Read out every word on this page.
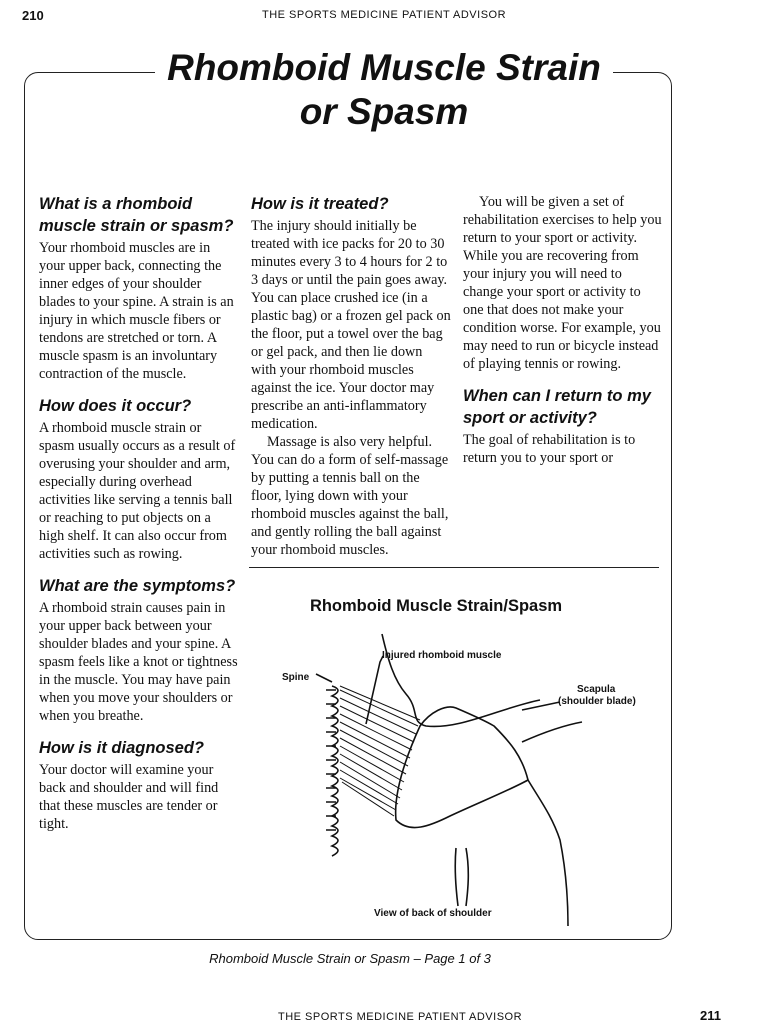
210	THE SPORTS MEDICINE PATIENT ADVISOR
Rhomboid Muscle Strain
or Spasm
What is a rhomboid muscle strain or spasm?

Your rhomboid muscles are in your upper back, connecting the inner edges of your shoulder blades to your spine. A strain is an injury in which muscle fibers or tendons are stretched or torn. A muscle spasm is an involuntary contraction of the muscle.

How does it occur?

A rhomboid muscle strain or spasm usually occurs as a result of overusing your shoulder and arm, especially during overhead activities like serving a tennis ball or reaching to put objects on a high shelf. It can also occur from activities such as rowing.

What are the symptoms?

A rhomboid strain causes pain in your upper back between your shoulder blades and your spine. A spasm feels like a knot or tightness in the muscle. You may have pain when you move your shoulders or when you breathe.

How is it diagnosed?

Your doctor will examine your back and shoulder and will find that these muscles are tender or tight.

How is it treated?

The injury should initially be treated with ice packs for 20 to 30 minutes every 3 to 4 hours for 2 to 3 days or until the pain goes away. You can place crushed ice (in a plastic bag) or a frozen gel pack on the floor, put a towel over the bag or gel pack, and then lie down with your rhomboid muscles against the ice. Your doctor may prescribe an anti-inflammatory medication.

Massage is also very helpful. You can do a form of self-massage by putting a tennis ball on the floor, lying down with your rhomboid muscles against the ball, and gently rolling the ball against your rhomboid muscles.

You will be given a set of rehabilitation exercises to help you return to your sport or activity. While you are recovering from your injury you will need to change your sport or activity to one that does not make your condition worse. For example, you may need to run or bicycle instead of playing tennis or rowing.

When can I return to my sport or activity?

The goal of rehabilitation is to return you to your sport or

Rhomboid Muscle Strain/Spasm
Injured rhomboid muscle
Spine
Scapula
(shoulder blade)
View of back of shoulder
Rhomboid Muscle Strain or Spasm – Page 1 of 3
THE SPORTS MEDICINE PATIENT ADVISOR	211
